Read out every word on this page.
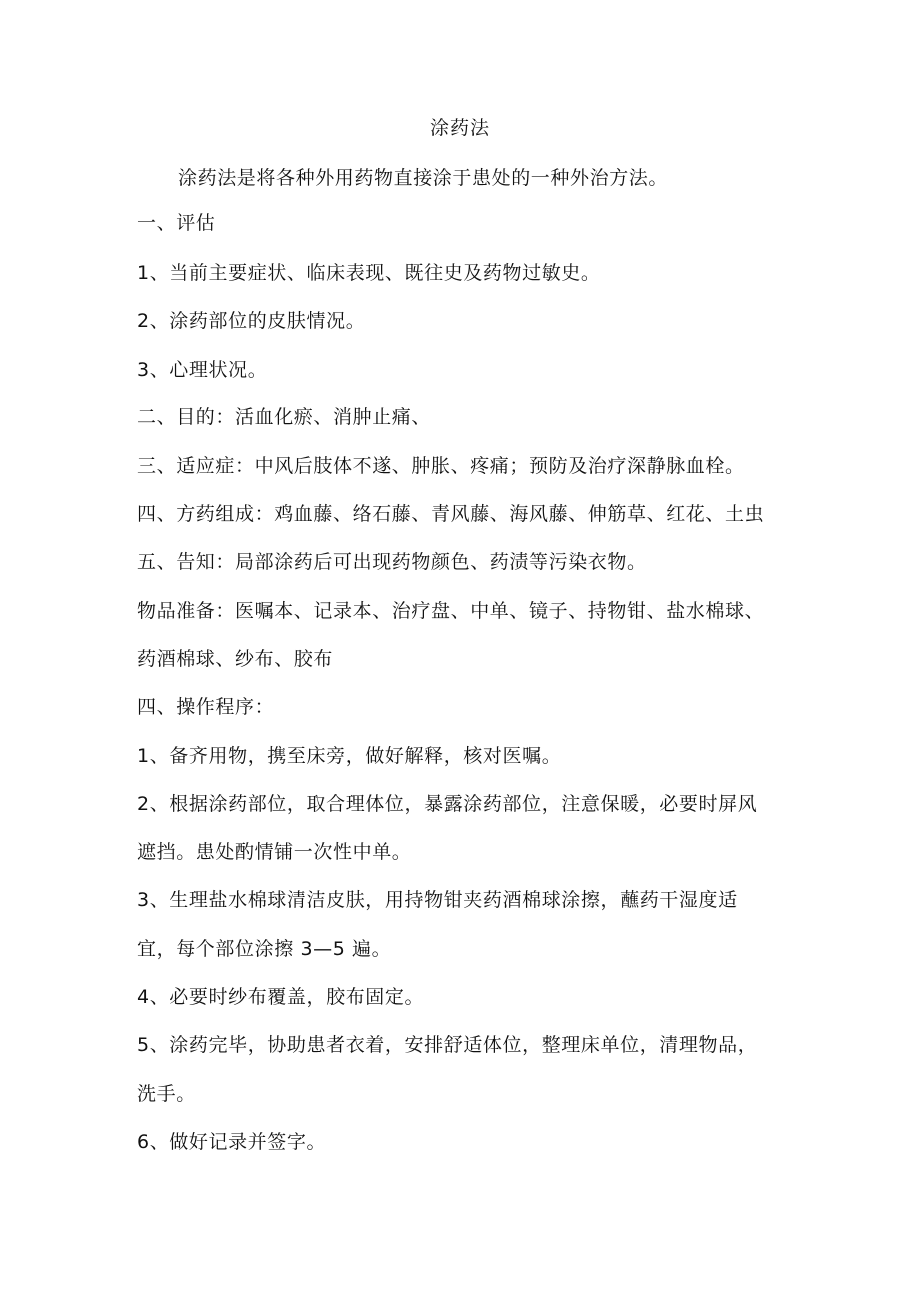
涂药法
涂药法是将各种外用药物直接涂于患处的一种外治方法。
一、评估
1、当前主要症状、临床表现、既往史及药物过敏史。
2、涂药部位的皮肤情况。
3、心理状况。
二、目的：活血化瘀、消肿止痛、
三、适应症：中风后肢体不遂、肿胀、疼痛；预防及治疗深静脉血栓。
四、方药组成：鸡血藤、络石藤、青风藤、海风藤、伸筋草、红花、土虫
五、告知：局部涂药后可出现药物颜色、药渍等污染衣物。
物品准备：医嘱本、记录本、治疗盘、中单、镜子、持物钳、盐水棉球、
药酒棉球、纱布、胶布
四、操作程序：
1、备齐用物，携至床旁，做好解释，核对医嘱。
2、根据涂药部位，取合理体位，暴露涂药部位，注意保暖，必要时屏风
遮挡。患处酌情铺一次性中单。
3、生理盐水棉球清洁皮肤，用持物钳夹药酒棉球涂擦，蘸药干湿度适
宜，每个部位涂擦 3—5 遍。
4、必要时纱布覆盖，胶布固定。
5、涂药完毕，协助患者衣着，安排舒适体位，整理床单位，清理物品，
洗手。
6、做好记录并签字。
